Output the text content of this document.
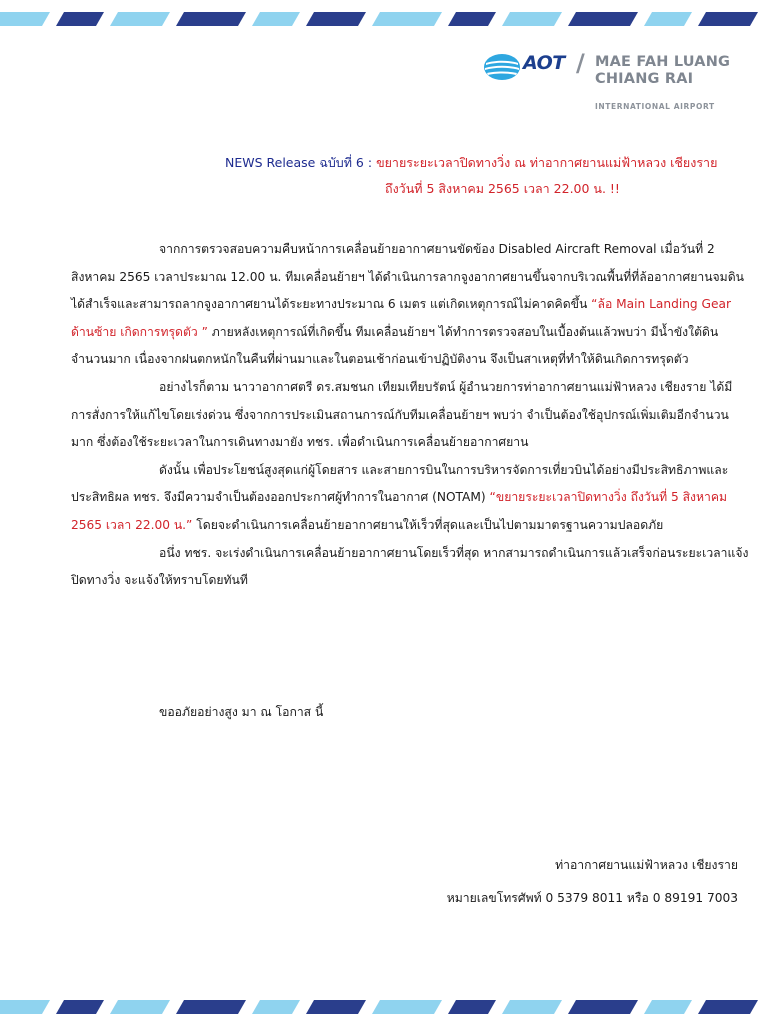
AOT / MAE FAH LUANG
CHIANG RAI
INTERNATIONAL AIRPORT
NEWS Release ฉบับที่ 6 : ขยายระยะเวลาปิดทางวิ่ง ณ ท่าอากาศยานแม่ฟ้าหลวง เชียงราย
ถึงวันที่ 5 สิงหาคม 2565 เวลา 22.00 น. !!

จากการตรวจสอบความคืบหน้าการเคลื่อนย้ายอากาศยานขัดข้อง Disabled Aircraft Removal เมื่อวันที่ 2 สิงหาคม 2565 เวลาประมาณ 12.00 น. ทีมเคลื่อนย้ายฯ ได้ดำเนินการลากจูงอากาศยานขึ้นจากบริเวณพื้นที่ที่ล้ออากาศยานจมดินได้สำเร็จและสามารถลากจูงอากาศยานได้ระยะทางประมาณ 6 เมตร แต่เกิดเหตุการณ์ไม่คาดคิดขึ้น “ล้อ Main Landing Gear ด้านซ้าย เกิดการทรุดตัว ” ภายหลังเหตุการณ์ที่เกิดขึ้น ทีมเคลื่อนย้ายฯ ได้ทำการตรวจสอบในเบื้องต้นแล้วพบว่า มีน้ำขังใต้ดินจำนวนมาก เนื่องจากฝนตกหนักในคืนที่ผ่านมาและในตอนเช้าก่อนเข้าปฏิบัติงาน จึงเป็นสาเหตุที่ทำให้ดินเกิดการทรุดตัว

อย่างไรก็ตาม นาวาอากาศตรี ดร.สมชนก เทียมเทียบรัตน์ ผู้อำนวยการท่าอากาศยานแม่ฟ้าหลวง เชียงราย ได้มีการสั่งการให้แก้ไขโดยเร่งด่วน ซึ่งจากการประเมินสถานการณ์กับทีมเคลื่อนย้ายฯ พบว่า จำเป็นต้องใช้อุปกรณ์เพิ่มเติมอีกจำนวนมาก ซึ่งต้องใช้ระยะเวลาในการเดินทางมายัง ทชร. เพื่อดำเนินการเคลื่อนย้ายอากาศยาน

ดังนั้น เพื่อประโยชน์สูงสุดแก่ผู้โดยสาร และสายการบินในการบริหารจัดการเที่ยวบินได้อย่างมีประสิทธิภาพและประสิทธิผล ทชร. จึงมีความจำเป็นต้องออกประกาศผู้ทำการในอากาศ (NOTAM) “ขยายระยะเวลาปิดทางวิ่ง ถึงวันที่ 5 สิงหาคม 2565 เวลา 22.00 น.” โดยจะดำเนินการเคลื่อนย้ายอากาศยานให้เร็วที่สุดและเป็นไปตามมาตรฐานความปลอดภัย

อนึ่ง ทชร. จะเร่งดำเนินการเคลื่อนย้ายอากาศยานโดยเร็วที่สุด หากสามารถดำเนินการแล้วเสร็จก่อนระยะเวลาแจ้งปิดทางวิ่ง จะแจ้งให้ทราบโดยทันที

ขออภัยอย่างสูง มา ณ โอกาส นี้
ท่าอากาศยานแม่ฟ้าหลวง เชียงราย
หมายเลขโทรศัพท์ 0 5379 8011 หรือ 0 89191 7003
